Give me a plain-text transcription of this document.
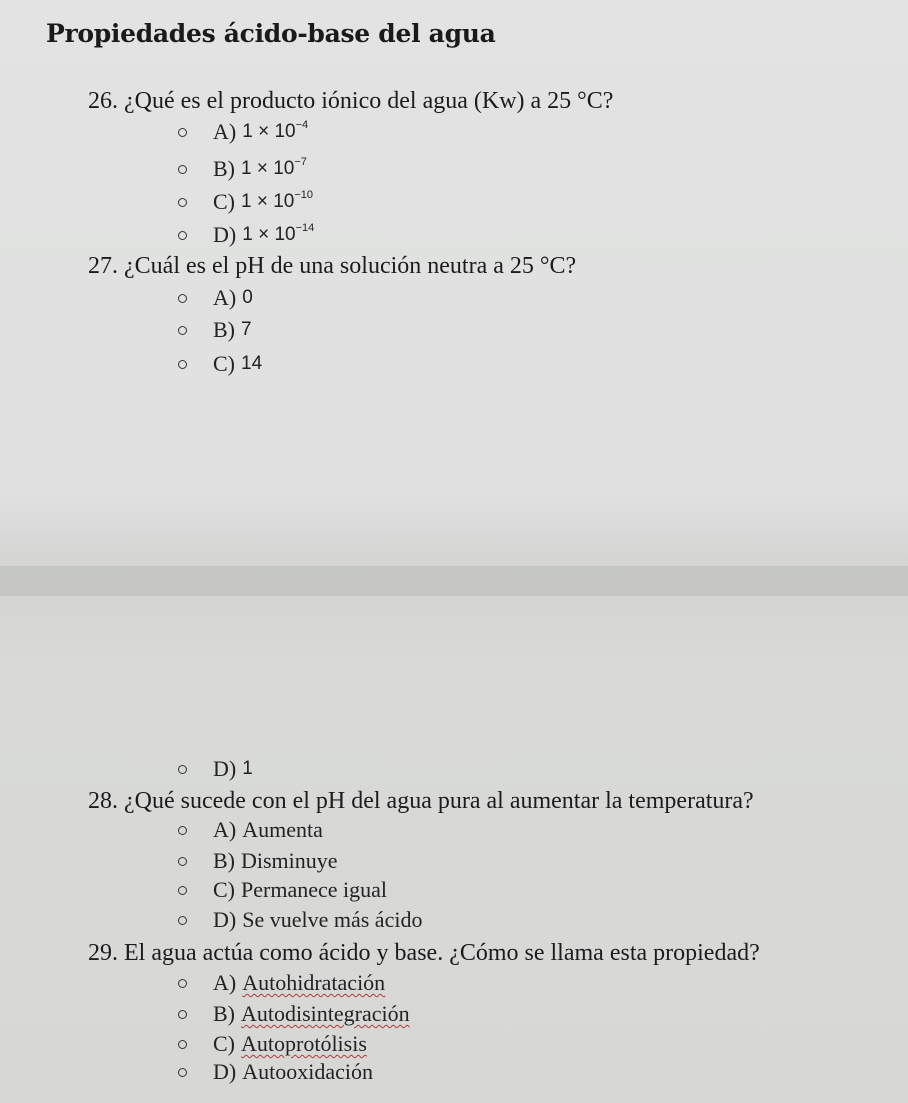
Propiedades ácido-base del agua
26. ¿Qué es el producto iónico del agua (Kw) a 25 °C?
A) $1 \times 10^{-4}$
B) $1 \times 10^{-7}$
C) $1 \times 10^{-10}$
D) $1 \times 10^{-14}$
27. ¿Cuál es el pH de una solución neutra a 25 °C?
A) 0
B) 7
C) 14
D) 1
28. ¿Qué sucede con el pH del agua pura al aumentar la temperatura?
A) Aumenta
B) Disminuye
C) Permanece igual
D) Se vuelve más ácido
29. El agua actúa como ácido y base. ¿Cómo se llama esta propiedad?
A) Autohidratación
B) Autodisintegración
C) Autoprotólisis
D) Autooxidación
